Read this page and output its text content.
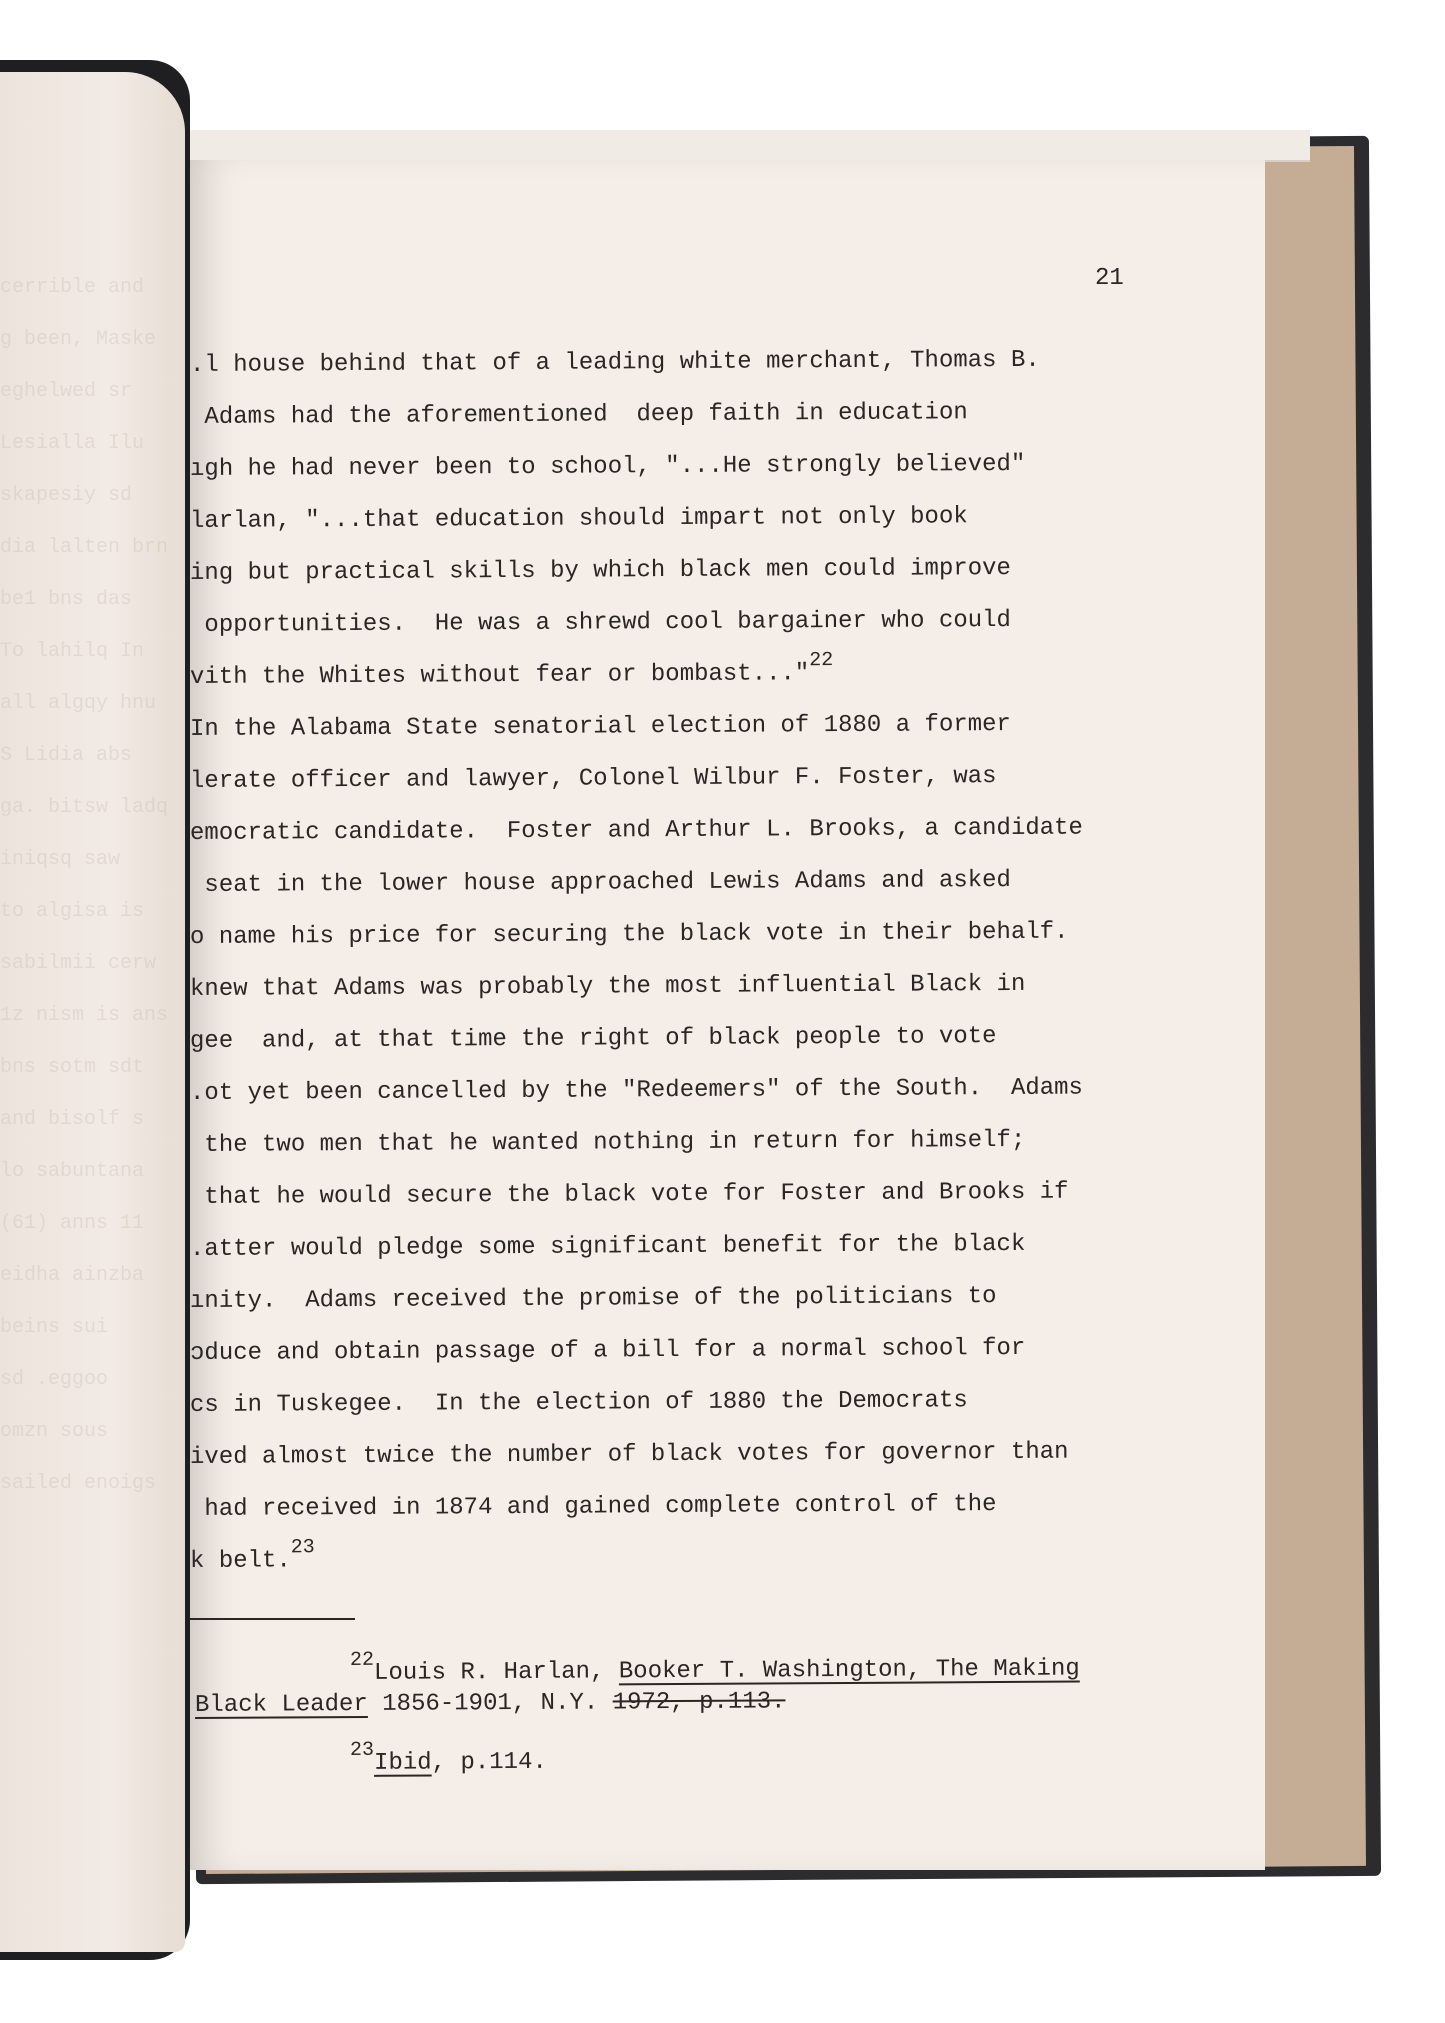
cerrible and
g been, Maske
eghelwed sr
Lesialla Ilu
skapesiy sd
dia lalten brn
be1 bns das
To lahilq In
all algqy hnu
S Lidia abs
ga. bitsw ladq
iniqsq saw
to algisa is
sabilmii cerw
1z nism is ans
bns sotm sdt
and bisolf s
lo sabuntana
(61) anns 11
eidha ainzba
beins sui
sd .eggoo
omzn sous
sailed enoigs
21
.l house behind that of a leading white merchant, Thomas B.
Adams had the aforementioned  deep faith in education
ıgh he had never been to school, "...He strongly believed"
larlan, "...that education should impart not only book
ing but practical skills by which black men could improve
opportunities.  He was a shrewd cool bargainer who could
vith the Whites without fear or bombast..."$^{22}$
In the Alabama State senatorial election of 1880 a former
lerate officer and lawyer, Colonel Wilbur F. Foster, was
emocratic candidate.  Foster and Arthur L. Brooks, a candidate
seat in the lower house approached Lewis Adams and asked
o name his price for securing the black vote in their behalf.
knew that Adams was probably the most influential Black in
gee  and, at that time the right of black people to vote
.ot yet been cancelled by the "Redeemers" of the South.  Adams
the two men that he wanted nothing in return for himself;
that he would secure the black vote for Foster and Brooks if
.atter would pledge some significant benefit for the black
ınity.  Adams received the promise of the politicians to
ɔduce and obtain passage of a bill for a normal school for
cs in Tuskegee.  In the election of 1880 the Democrats
ived almost twice the number of black votes for governor than
had received in 1874 and gained complete control of the
k belt.$^{23}$
$^{22}$Louis R. Harlan, Booker T. Washington, The Making
Black Leader 1856-1901, N.Y. 1972, p.113.
$^{23}$Ibid, p.114.
